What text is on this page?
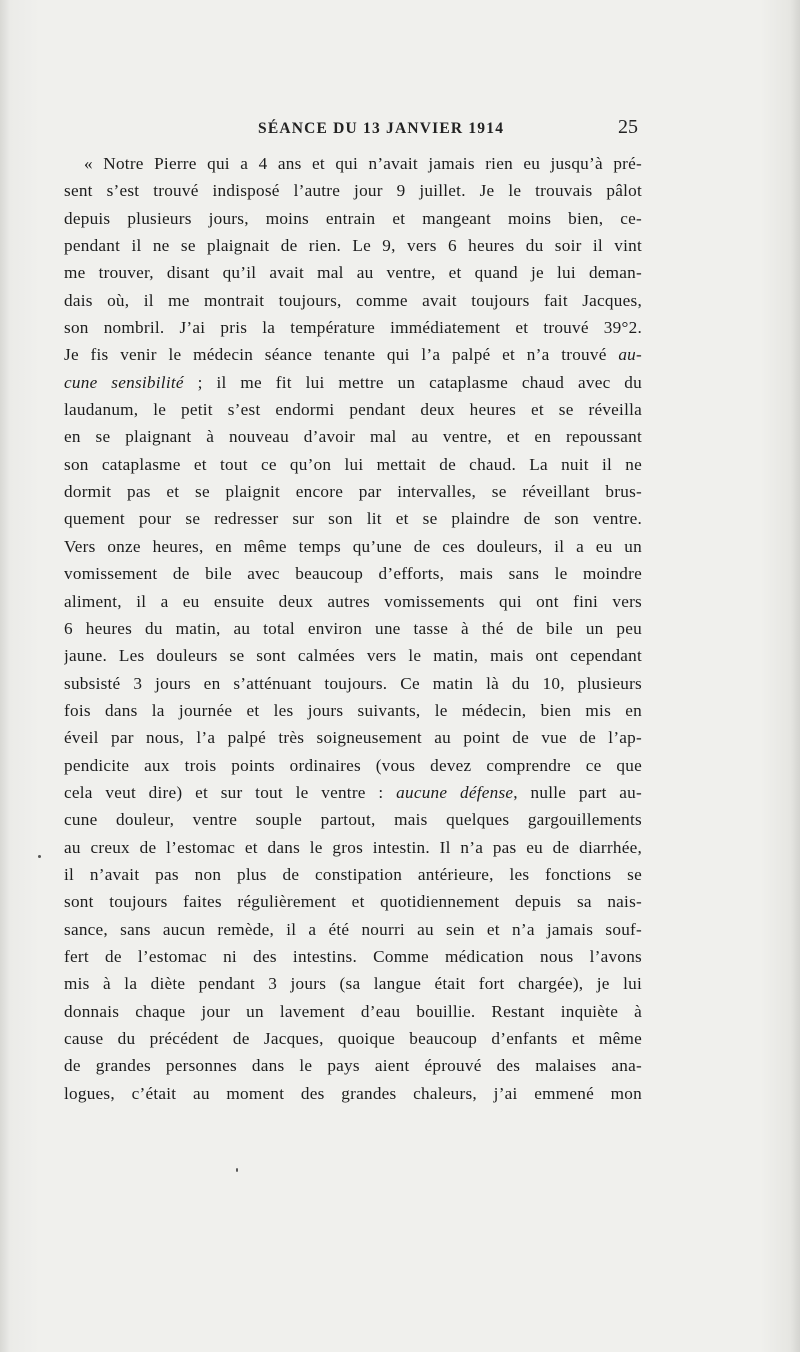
SÉANCE DU 13 JANVIER 1914	25
« Notre Pierre qui a 4 ans et qui n’avait jamais rien eu jusqu’à pré-
sent s’est trouvé indisposé l’autre jour 9 juillet. Je le trouvais pâlot
depuis plusieurs jours, moins entrain et mangeant moins bien, ce-
pendant il ne se plaignait de rien. Le 9, vers 6 heures du soir il vint
me trouver, disant qu’il avait mal au ventre, et quand je lui deman-
dais où, il me montrait toujours, comme avait toujours fait Jacques,
son nombril. J’ai pris la température immédiatement et trouvé 39°2.
Je fis venir le médecin séance tenante qui l’a palpé et n’a trouvé au-
cune sensibilité ; il me fit lui mettre un cataplasme chaud avec du
laudanum, le petit s’est endormi pendant deux heures et se réveilla
en se plaignant à nouveau d’avoir mal au ventre, et en repoussant
son cataplasme et tout ce qu’on lui mettait de chaud. La nuit il ne
dormit pas et se plaignit encore par intervalles, se réveillant brus-
quement pour se redresser sur son lit et se plaindre de son ventre.
Vers onze heures, en même temps qu’une de ces douleurs, il a eu un
vomissement de bile avec beaucoup d’efforts, mais sans le moindre
aliment, il a eu ensuite deux autres vomissements qui ont fini vers
6 heures du matin, au total environ une tasse à thé de bile un peu
jaune. Les douleurs se sont calmées vers le matin, mais ont cependant
subsisté 3 jours en s’atténuant toujours. Ce matin là du 10, plusieurs
fois dans la journée et les jours suivants, le médecin, bien mis en
éveil par nous, l’a palpé très soigneusement au point de vue de l’ap-
pendicite aux trois points ordinaires (vous devez comprendre ce que
cela veut dire) et sur tout le ventre : aucune défense, nulle part au-
cune douleur, ventre souple partout, mais quelques gargouillements
au creux de l’estomac et dans le gros intestin. Il n’a pas eu de diarrhée,
il n’avait pas non plus de constipation antérieure, les fonctions se
sont toujours faites régulièrement et quotidiennement depuis sa nais-
sance, sans aucun remède, il a été nourri au sein et n’a jamais souf-
fert de l’estomac ni des intestins. Comme médication nous l’avons
mis à la diète pendant 3 jours (sa langue était fort chargée), je lui
donnais chaque jour un lavement d’eau bouillie. Restant inquiète à
cause du précédent de Jacques, quoique beaucoup d’enfants et même
de grandes personnes dans le pays aient éprouvé des malaises ana-
logues, c’était au moment des grandes chaleurs, j’ai emmené mon
